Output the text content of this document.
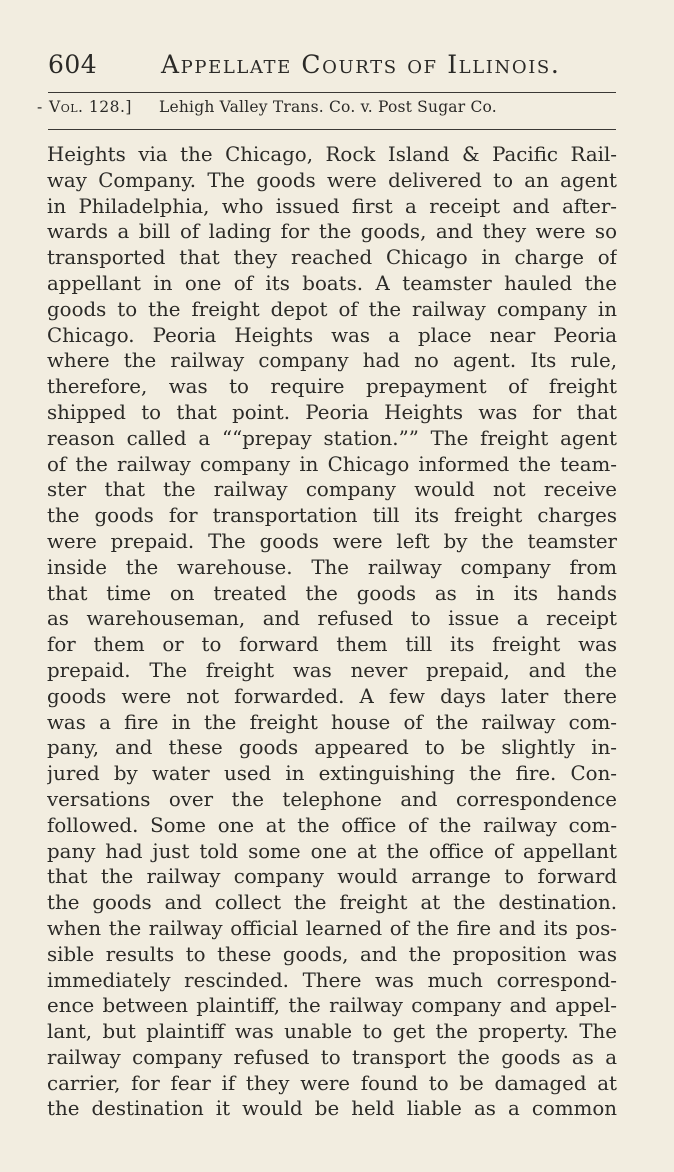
604	Appellate Courts of Illinois.
- Vol. 128.] Lehigh Valley Trans. Co. v. Post Sugar Co.
Heights via the Chicago, Rock Island & Pacific Rail-
way Company. The goods were delivered to an agent
in Philadelphia, who issued first a receipt and after-
wards a bill of lading for the goods, and they were so
transported that they reached Chicago in charge of
appellant in one of its boats. A teamster hauled the
goods to the freight depot of the railway company in
Chicago. Peoria Heights was a place near Peoria
where the railway company had no agent. Its rule,
therefore, was to require prepayment of freight
shipped to that point. Peoria Heights was for that
reason called a ““prepay station.”” The freight agent
of the railway company in Chicago informed the team-
ster that the railway company would not receive
the goods for transportation till its freight charges
were prepaid. The goods were left by the teamster
inside the warehouse. The railway company from
that time on treated the goods as in its hands
as warehouseman, and refused to issue a receipt
for them or to forward them till its freight was
prepaid. The freight was never prepaid, and the
goods were not forwarded. A few days later there
was a fire in the freight house of the railway com-
pany, and these goods appeared to be slightly in-
jured by water used in extinguishing the fire. Con-
versations over the telephone and correspondence
followed. Some one at the office of the railway com-
pany had just told some one at the office of appellant
that the railway company would arrange to forward
the goods and collect the freight at the destination.
when the railway official learned of the fire and its pos-
sible results to these goods, and the proposition was
immediately rescinded. There was much correspond-
ence between plaintiff, the railway company and appel-
lant, but plaintiff was unable to get the property. The
railway company refused to transport the goods as a
carrier, for fear if they were found to be damaged at
the destination it would be held liable as a common
